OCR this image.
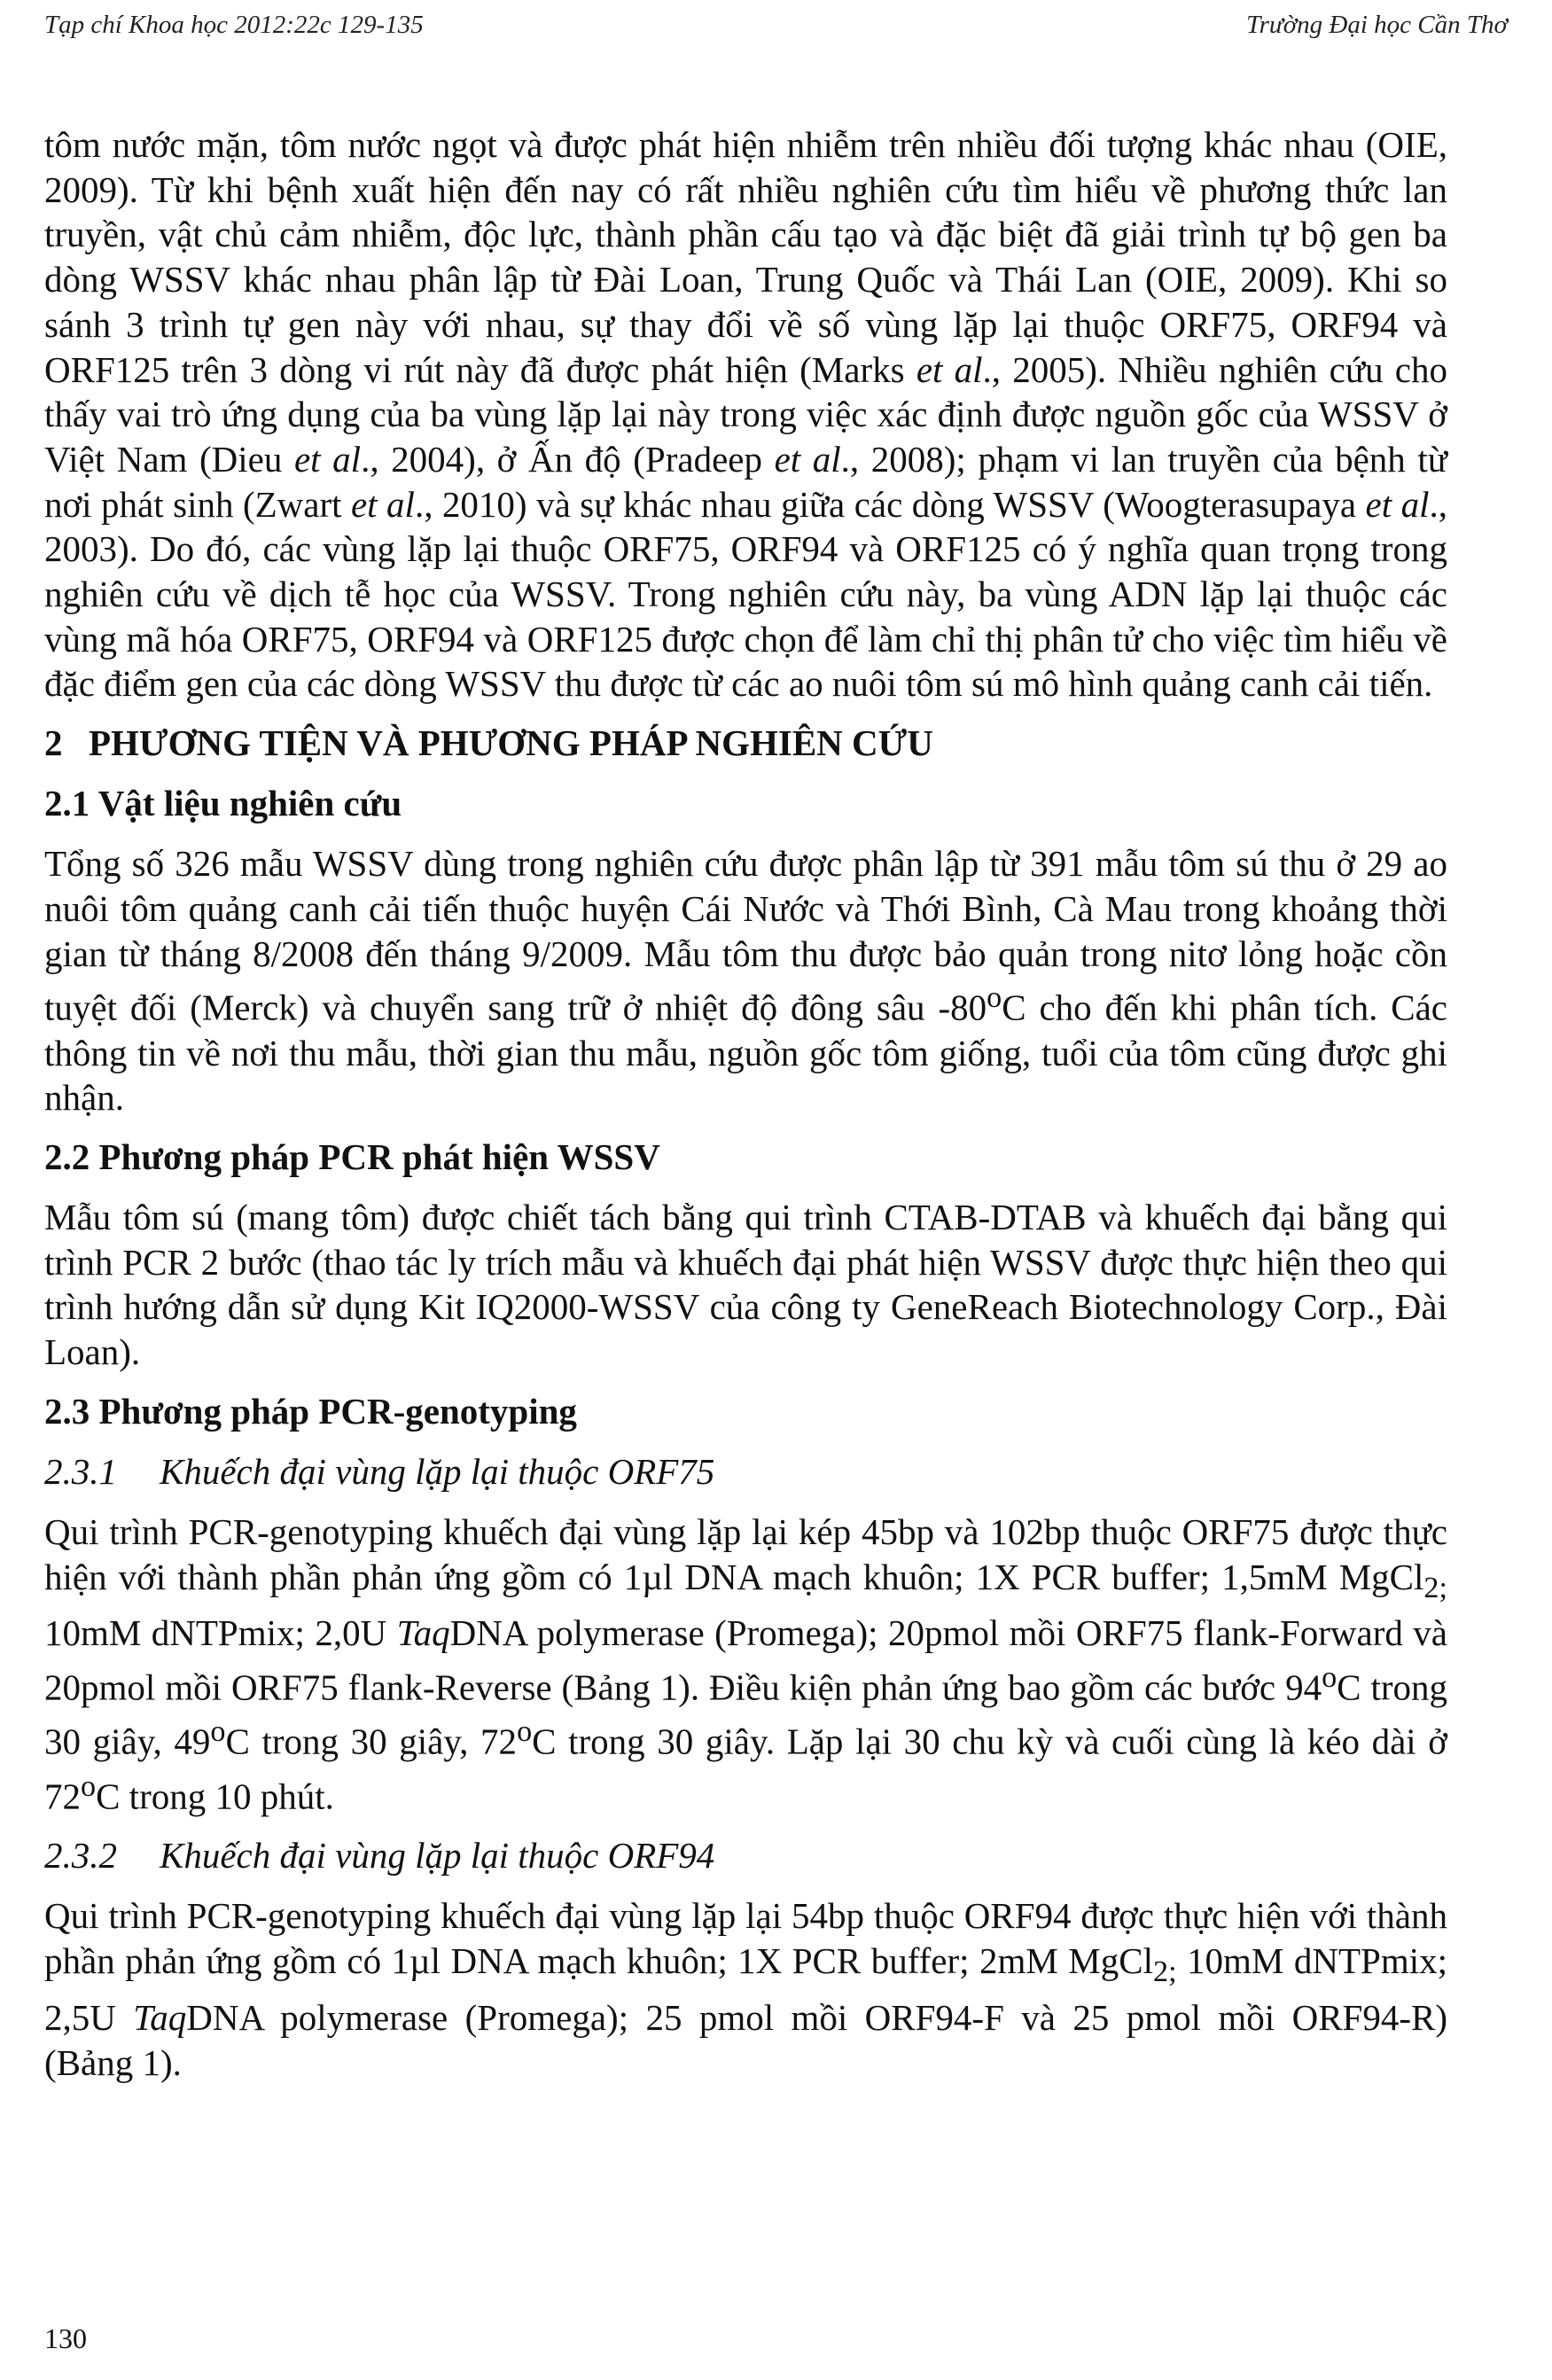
Tạp chí Khoa học 2012:22c 129-135	Trường Đại học Cần Thơ

tôm nước mặn, tôm nước ngọt và được phát hiện nhiễm trên nhiều đối tượng khác nhau (OIE, 2009). Từ khi bệnh xuất hiện đến nay có rất nhiều nghiên cứu tìm hiểu về phương thức lan truyền, vật chủ cảm nhiễm, độc lực, thành phần cấu tạo và đặc biệt đã giải trình tự bộ gen ba dòng WSSV khác nhau phân lập từ Đài Loan, Trung Quốc và Thái Lan (OIE, 2009). Khi so sánh 3 trình tự gen này với nhau, sự thay đổi về số vùng lặp lại thuộc ORF75, ORF94 và ORF125 trên 3 dòng vi rút này đã được phát hiện (Marks et al., 2005). Nhiều nghiên cứu cho thấy vai trò ứng dụng của ba vùng lặp lại này trong việc xác định được nguồn gốc của WSSV ở Việt Nam (Dieu et al., 2004), ở Ấn độ (Pradeep et al., 2008); phạm vi lan truyền của bệnh từ nơi phát sinh (Zwart et al., 2010) và sự khác nhau giữa các dòng WSSV (Woogterasupaya et al., 2003). Do đó, các vùng lặp lại thuộc ORF75, ORF94 và ORF125 có ý nghĩa quan trọng trong nghiên cứu về dịch tễ học của WSSV. Trong nghiên cứu này, ba vùng ADN lặp lại thuộc các vùng mã hóa ORF75, ORF94 và ORF125 được chọn để làm chỉ thị phân tử cho việc tìm hiểu về đặc điểm gen của các dòng WSSV thu được từ các ao nuôi tôm sú mô hình quảng canh cải tiến.

2 PHƯƠNG TIỆN VÀ PHƯƠNG PHÁP NGHIÊN CỨU
2.1 Vật liệu nghiên cứu

Tổng số 326 mẫu WSSV dùng trong nghiên cứu được phân lập từ 391 mẫu tôm sú thu ở 29 ao nuôi tôm quảng canh cải tiến thuộc huyện Cái Nước và Thới Bình, Cà Mau trong khoảng thời gian từ tháng 8/2008 đến tháng 9/2009. Mẫu tôm thu được bảo quản trong nitơ lỏng hoặc cồn tuyệt đối (Merck) và chuyển sang trữ ở nhiệt độ đông sâu -80$^o$C cho đến khi phân tích. Các thông tin về nơi thu mẫu, thời gian thu mẫu, nguồn gốc tôm giống, tuổi của tôm cũng được ghi nhận.

2.2 Phương pháp PCR phát hiện WSSV

Mẫu tôm sú (mang tôm) được chiết tách bằng qui trình CTAB-DTAB và khuếch đại bằng qui trình PCR 2 bước (thao tác ly trích mẫu và khuếch đại phát hiện WSSV được thực hiện theo qui trình hướng dẫn sử dụng Kit IQ2000-WSSV của công ty GeneReach Biotechnology Corp., Đài Loan).

2.3 Phương pháp PCR-genotyping
2.3.1 Khuếch đại vùng lặp lại thuộc ORF75

Qui trình PCR-genotyping khuếch đại vùng lặp lại kép 45bp và 102bp thuộc ORF75 được thực hiện với thành phần phản ứng gồm có 1µl DNA mạch khuôn; 1X PCR buffer; 1,5mM MgCl$_{2;}$ 10mM dNTPmix; 2,0U TaqDNA polymerase (Promega); 20pmol mồi ORF75 flank-Forward và 20pmol mồi ORF75 flank-Reverse (Bảng 1). Điều kiện phản ứng bao gồm các bước 94$^o$C trong 30 giây, 49$^o$C trong 30 giây, 72$^o$C trong 30 giây. Lặp lại 30 chu kỳ và cuối cùng là kéo dài ở 72$^o$C trong 10 phút.

2.3.2 Khuếch đại vùng lặp lại thuộc ORF94

Qui trình PCR-genotyping khuếch đại vùng lặp lại 54bp thuộc ORF94 được thực hiện với thành phần phản ứng gồm có 1µl DNA mạch khuôn; 1X PCR buffer; 2mM MgCl$_{2;}$ 10mM dNTPmix; 2,5U TaqDNA polymerase (Promega); 25 pmol mồi ORF94-F và 25 pmol mồi ORF94-R) (Bảng 1).

130
